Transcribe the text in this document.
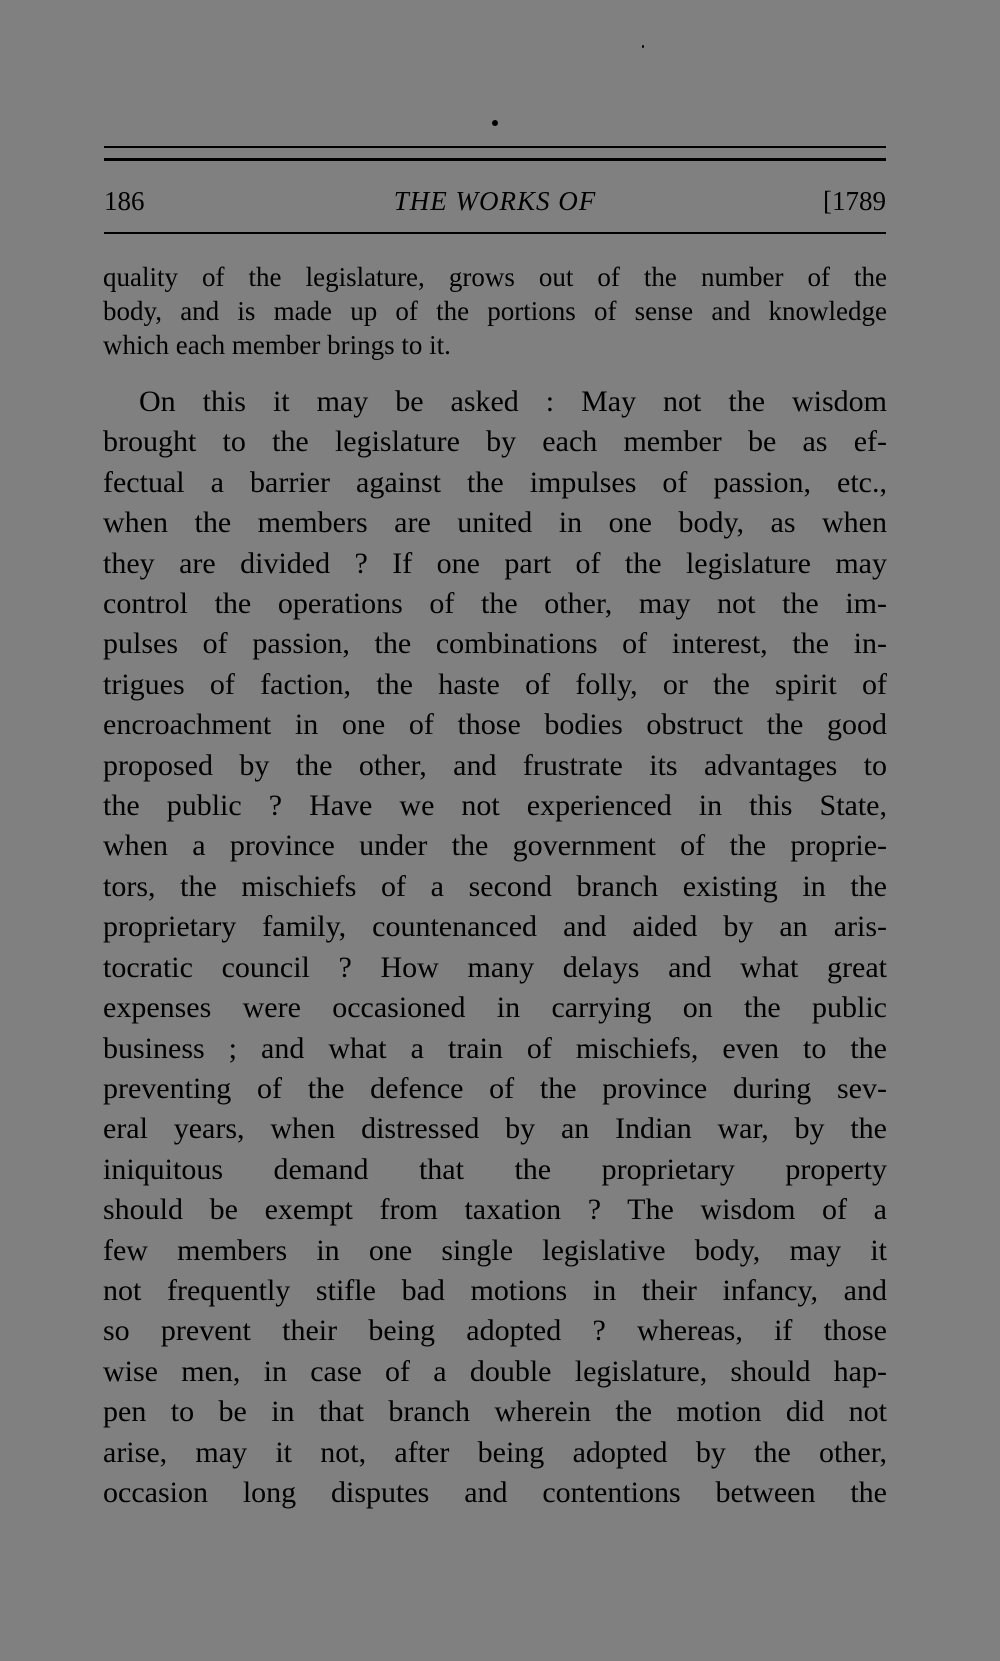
186	THE WORKS OF	[1789

quality of the legislature, grows out of the number of the
body, and is made up of the portions of sense and knowledge
which each member brings to it.

On this it may be asked : May not the wisdom
brought to the legislature by each member be as ef-
fectual a barrier against the impulses of passion, etc.,
when the members are united in one body, as when
they are divided ? If one part of the legislature may
control the operations of the other, may not the im-
pulses of passion, the combinations of interest, the in-
trigues of faction, the haste of folly, or the spirit of
encroachment in one of those bodies obstruct the good
proposed by the other, and frustrate its advantages to
the public ? Have we not experienced in this State,
when a province under the government of the proprie-
tors, the mischiefs of a second branch existing in the
proprietary family, countenanced and aided by an aris-
tocratic council ? How many delays and what great
expenses were occasioned in carrying on the public
business ; and what a train of mischiefs, even to the
preventing of the defence of the province during sev-
eral years, when distressed by an Indian war, by the
iniquitous demand that the proprietary property
should be exempt from taxation ? The wisdom of a
few members in one single legislative body, may it
not frequently stifle bad motions in their infancy, and
so prevent their being adopted ? whereas, if those
wise men, in case of a double legislature, should hap-
pen to be in that branch wherein the motion did not
arise, may it not, after being adopted by the other,
occasion long disputes and contentions between the
